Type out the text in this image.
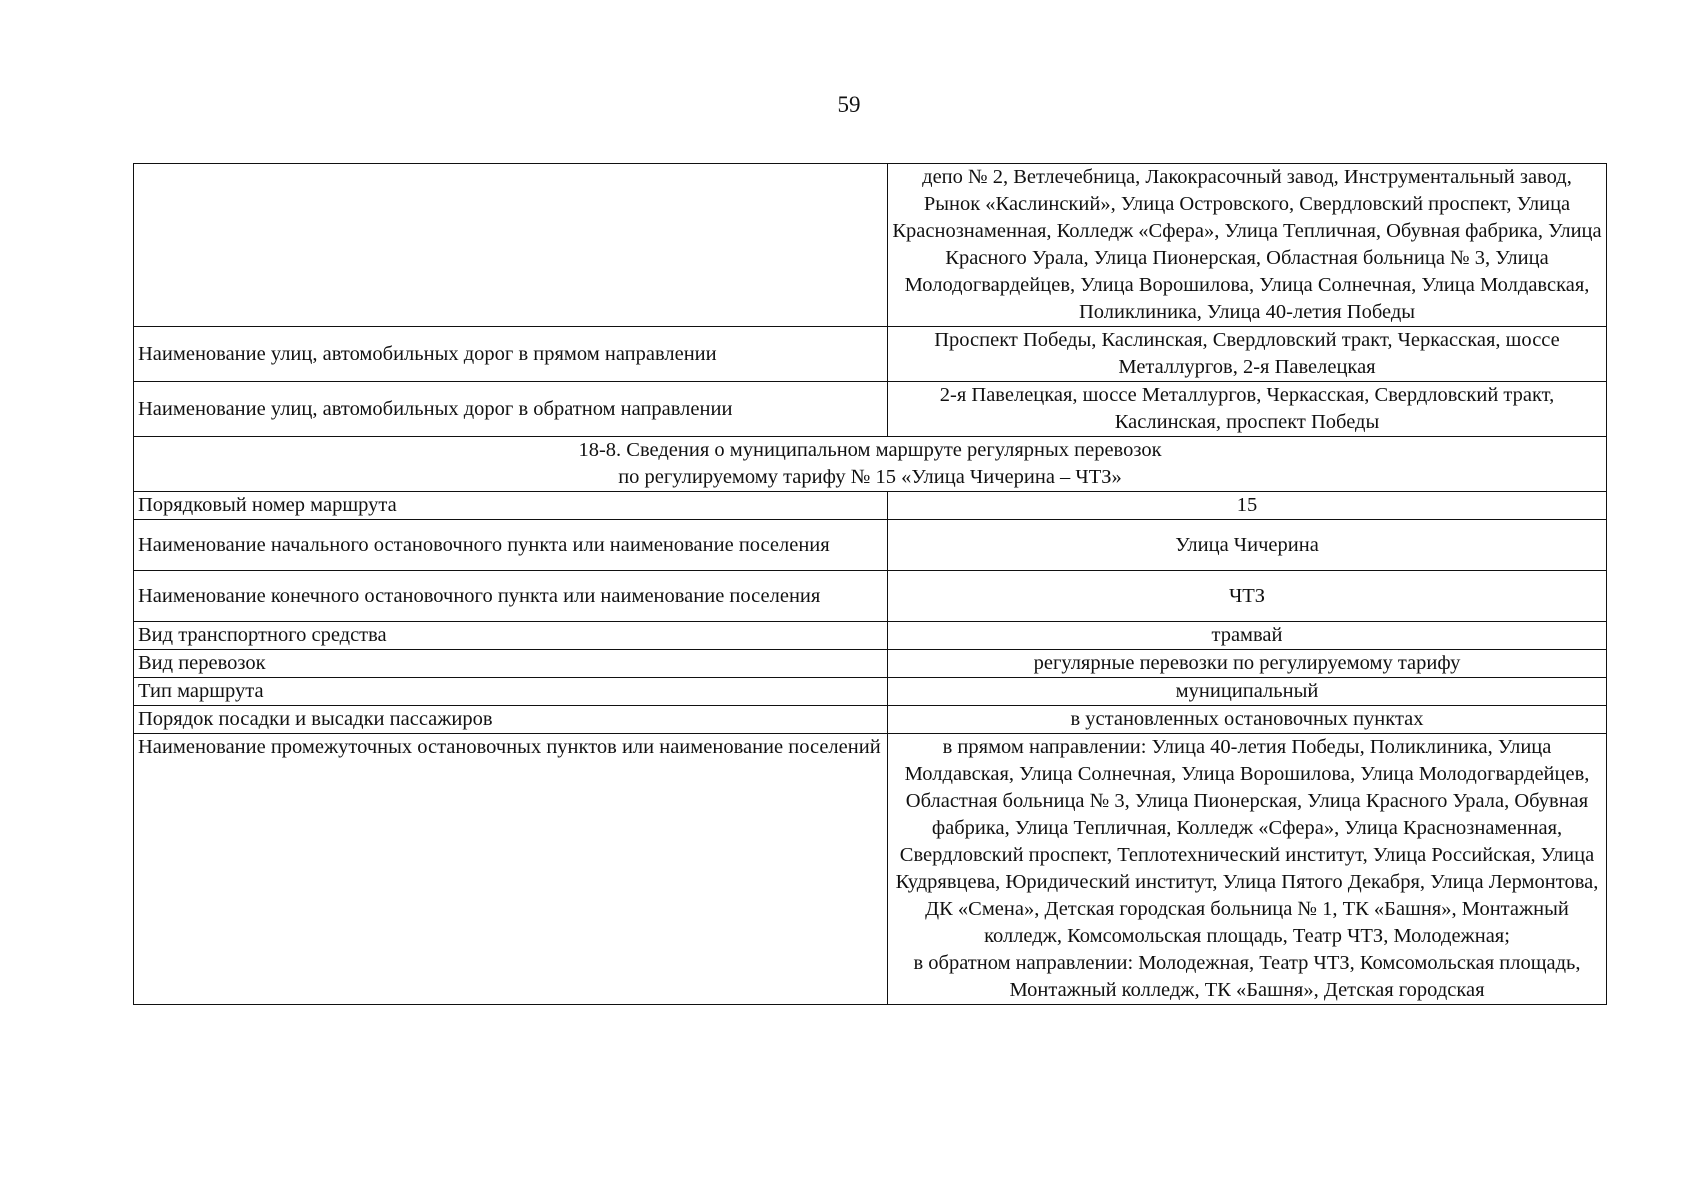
59
	депо № 2, Ветлечебница, Лакокрасочный завод, Инструментальный завод, Рынок «Каслинский», Улица Островского, Свердловский проспект, Улица Краснознаменная, Колледж «Сфера», Улица Тепличная, Обувная фабрика, Улица Красного Урала, Улица Пионерская, Областная больница № 3, Улица Молодогвардейцев, Улица Ворошилова, Улица Солнечная, Улица Молдавская, Поликлиника, Улица 40-летия Победы
Наименование улиц, автомобильных дорог в прямом направлении	Проспект Победы, Каслинская, Свердловский тракт, Черкасская, шоссе Металлургов, 2-я Павелецкая
Наименование улиц, автомобильных дорог в обратном направлении	2-я Павелецкая, шоссе Металлургов, Черкасская, Свердловский тракт, Каслинская, проспект Победы

18-8. Сведения о муниципальном маршруте регулярных перевозок
по регулируемому тарифу № 15 «Улица Чичерина – ЧТЗ»	

Порядковый номер маршрута	15
Наименование начального остановочного пункта или наименование поселения	Улица Чичерина
Наименование конечного остановочного пункта или наименование поселения	ЧТЗ
Вид транспортного средства	трамвай
Вид перевозок	регулярные перевозки по регулируемому тарифу
Тип маршрута	муниципальный
Порядок посадки и высадки пассажиров	в установленных остановочных пунктах
Наименование промежуточных остановочных пунктов или наименование поселений	в прямом направлении: Улица 40-летия Победы, Поликлиника, Улица Молдавская, Улица Солнечная, Улица Ворошилова, Улица Молодогвардейцев, Областная больница № 3, Улица Пионерская, Улица Красного Урала, Обувная фабрика, Улица Тепличная, Колледж «Сфера», Улица Краснознаменная, Свердловский проспект, Теплотехнический институт, Улица Российская, Улица Кудрявцева, Юридический институт, Улица Пятого Декабря, Улица Лермонтова, ДК «Смена», Детская городская больница № 1, ТК «Башня», Монтажный колледж, Комсомольская площадь, Театр ЧТЗ, Молодежная;
в обратном направлении: Молодежная, Театр ЧТЗ, Комсомольская площадь, Монтажный колледж, ТК «Башня», Детская городская
